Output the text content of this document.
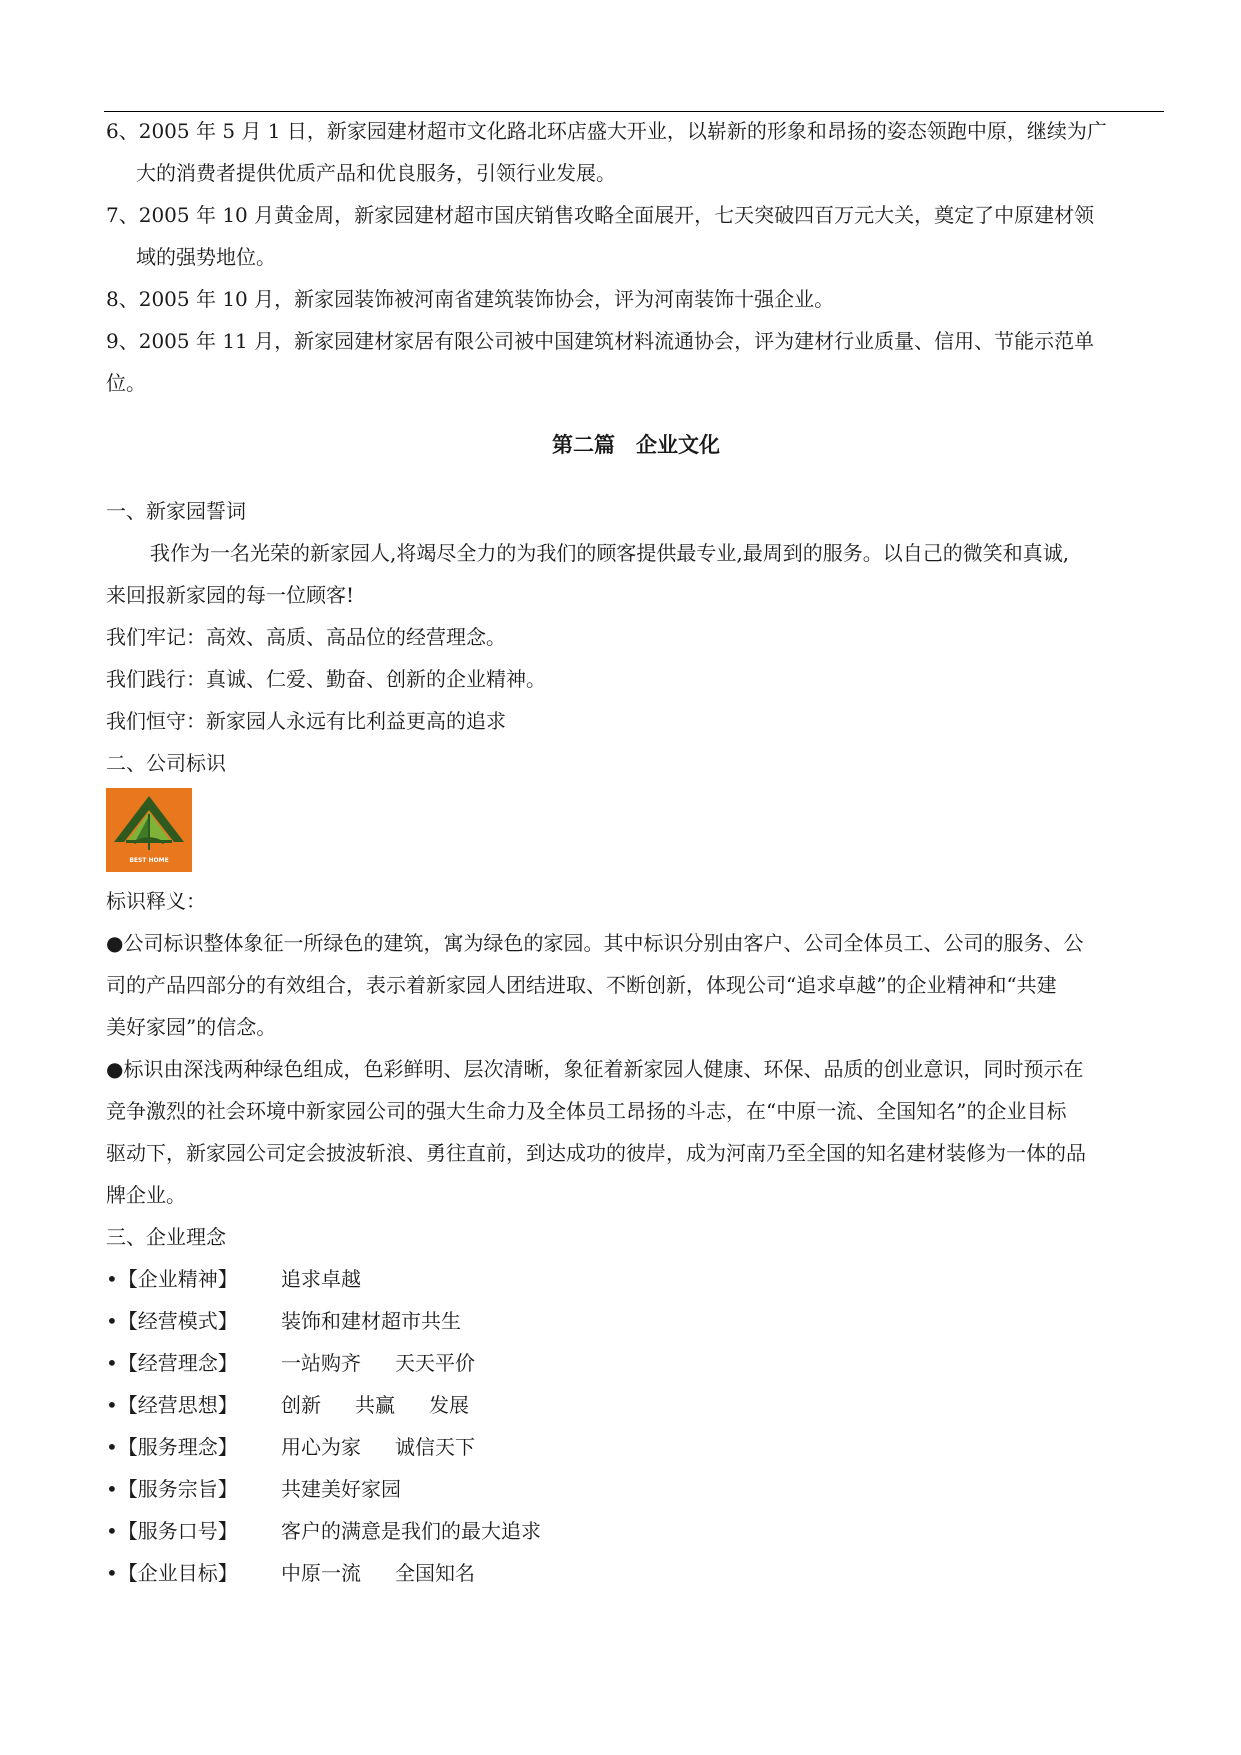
6、2005 年 5 月 1 日，新家园建材超市文化路北环店盛大开业，以崭新的形象和昂扬的姿态领跑中原，继续为广

大的消费者提供优质产品和优良服务，引领行业发展。

7、2005 年 10 月黄金周，新家园建材超市国庆销售攻略全面展开，七天突破四百万元大关，奠定了中原建材领

域的强势地位。

8、2005 年 10 月，新家园装饰被河南省建筑装饰协会，评为河南装饰十强企业。

9、2005 年 11 月，新家园建材家居有限公司被中国建筑材料流通协会，评为建材行业质量、信用、节能示范单

位。

第二篇　企业文化

一、新家园誓词

我作为一名光荣的新家园人,将竭尽全力的为我们的顾客提供最专业,最周到的服务。以自己的微笑和真诚,

来回报新家园的每一位顾客!

我们牢记：高效、高质、高品位的经营理念。

我们践行：真诚、仁爱、勤奋、创新的企业精神。

我们恒守：新家园人永远有比利益更高的追求

二、公司标识

BEST HOME

标识释义：

●公司标识整体象征一所绿色的建筑，寓为绿色的家园。其中标识分别由客户、公司全体员工、公司的服务、公

司的产品四部分的有效组合，表示着新家园人团结进取、不断创新，体现公司“追求卓越”的企业精神和“共建

美好家园”的信念。

●标识由深浅两种绿色组成，色彩鲜明、层次清晰，象征着新家园人健康、环保、品质的创业意识，同时预示在

竞争激烈的社会环境中新家园公司的强大生命力及全体员工昂扬的斗志，在“中原一流、全国知名”的企业目标

驱动下，新家园公司定会披波斩浪、勇往直前，到达成功的彼岸，成为河南乃至全国的知名建材装修为一体的品

牌企业。

三、企业理念

•【企业精神】	追求卓越
•【经营模式】	装饰和建材超市共生
•【经营理念】	一站购齐 天天平价
•【经营思想】	创新 共赢 发展
•【服务理念】	用心为家 诚信天下
•【服务宗旨】	共建美好家园
•【服务口号】	客户的满意是我们的最大追求
•【企业目标】	中原一流 全国知名
